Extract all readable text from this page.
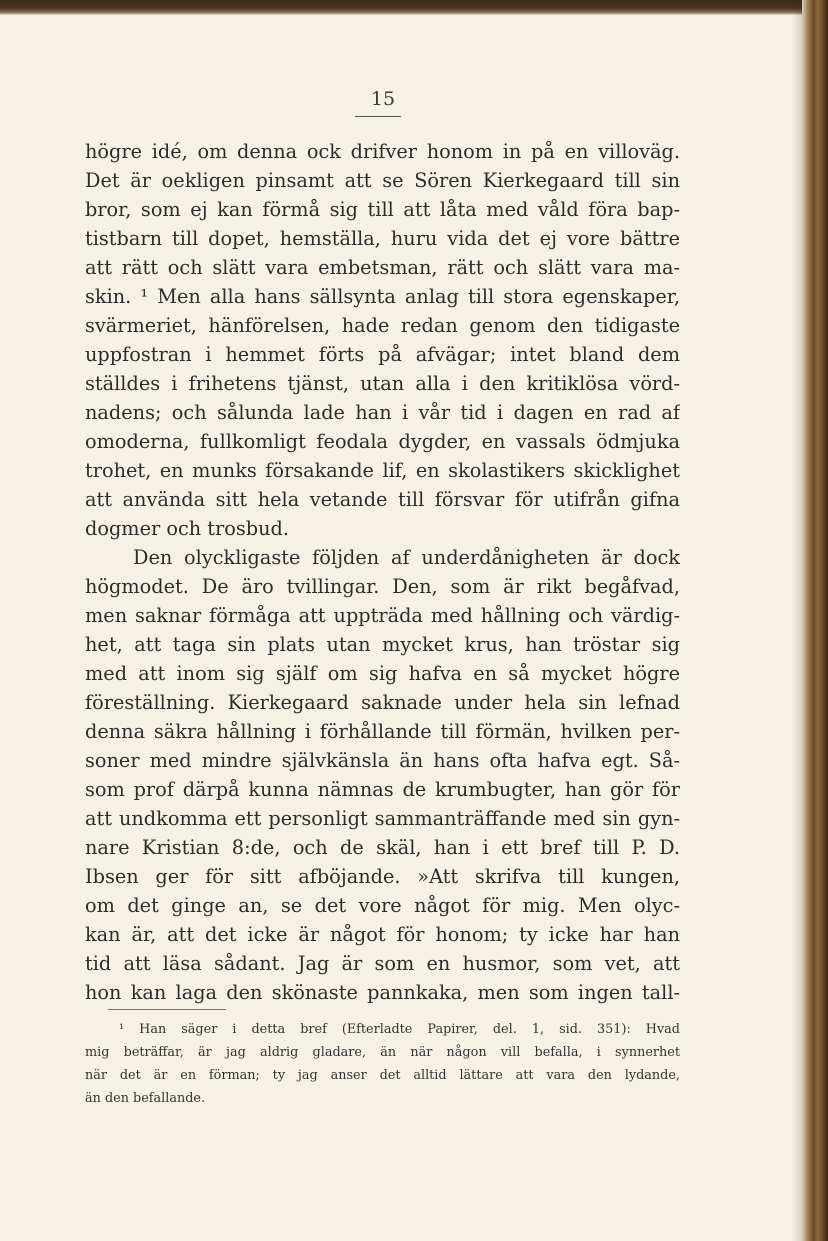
15
högre idé, om denna ock drifver honom in på en villoväg.
Det är oekligen pinsamt att se Sören Kierkegaard till sin
bror, som ej kan förmå sig till att låta med våld föra bap-
tistbarn till dopet, hemställa, huru vida det ej vore bättre
att rätt och slätt vara embetsman, rätt och slätt vara ma-
skin. ¹ Men alla hans sällsynta anlag till stora egenskaper,
svärmeriet, hänförelsen, hade redan genom den tidigaste
uppfostran i hemmet förts på afvägar; intet bland dem
ställdes i frihetens tjänst, utan alla i den kritiklösa vörd-
nadens; och sålunda lade han i vår tid i dagen en rad af
omoderna, fullkomligt feodala dygder, en vassals ödmjuka
trohet, en munks försakande lif, en skolastikers skicklighet
att använda sitt hela vetande till försvar för utifrån gifna
dogmer och trosbud.
Den olyckligaste följden af underdånigheten är dock
högmodet. De äro tvillingar. Den, som är rikt begåfvad,
men saknar förmåga att uppträda med hållning och värdig-
het, att taga sin plats utan mycket krus, han tröstar sig
med att inom sig själf om sig hafva en så mycket högre
föreställning. Kierkegaard saknade under hela sin lefnad
denna säkra hållning i förhållande till förmän, hvilken per-
soner med mindre självkänsla än hans ofta hafva egt. Så-
som prof därpå kunna nämnas de krumbugter, han gör för
att undkomma ett personligt sammanträffande med sin gyn-
nare Kristian 8:de, och de skäl, han i ett bref till P. D.
Ibsen ger för sitt afböjande. »Att skrifva till kungen,
om det ginge an, se det vore något för mig. Men olyc-
kan är, att det icke är något för honom; ty icke har han
tid att läsa sådant. Jag är som en husmor, som vet, att
hon kan laga den skönaste pannkaka, men som ingen tall-
¹ Han säger i detta bref (Efterladte Papirer, del. 1, sid. 351): Hvad
mig beträffar, är jag aldrig gladare, än när någon vill befalla, i synnerhet
när det är en förman; ty jag anser det alltid lättare att vara den lydande,
än den befallande.
